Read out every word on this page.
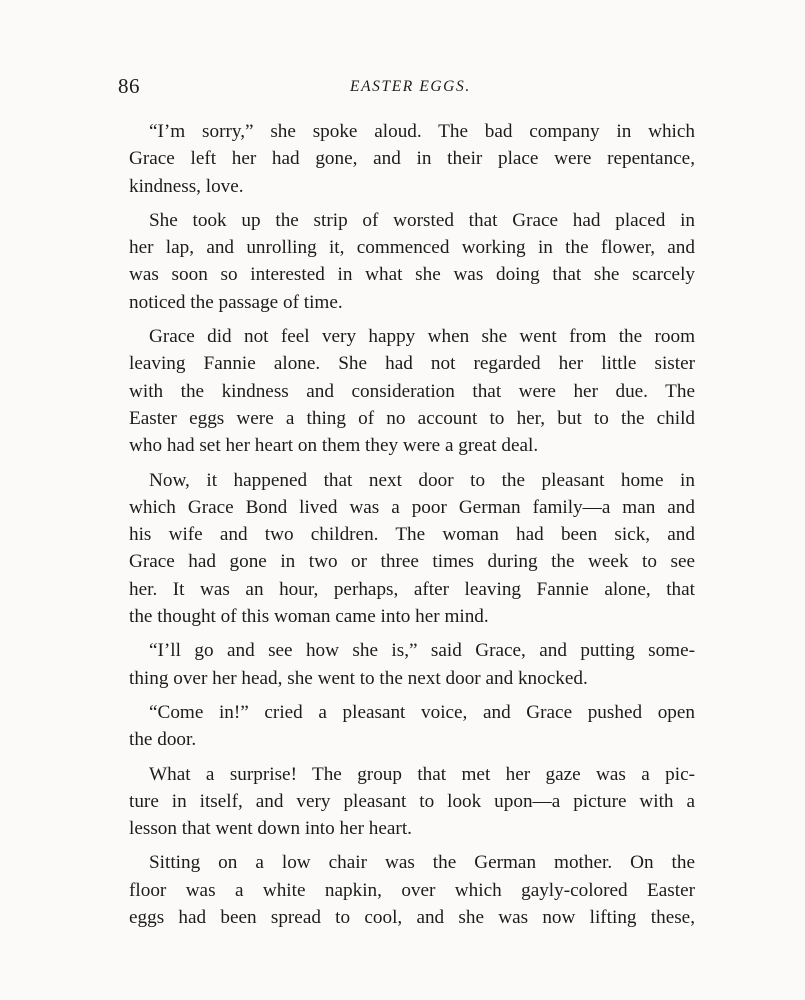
86	EASTER EGGS.

“I’m sorry,” she spoke aloud. The bad company in which
Grace left her had gone, and in their place were repentance,
kindness, love.

She took up the strip of worsted that Grace had placed in
her lap, and unrolling it, commenced working in the flower, and
was soon so interested in what she was doing that she scarcely
noticed the passage of time.

Grace did not feel very happy when she went from the room
leaving Fannie alone. She had not regarded her little sister
with the kindness and consideration that were her due. The
Easter eggs were a thing of no account to her, but to the child
who had set her heart on them they were a great deal.

Now, it happened that next door to the pleasant home in
which Grace Bond lived was a poor German family—a man and
his wife and two children. The woman had been sick, and
Grace had gone in two or three times during the week to see
her. It was an hour, perhaps, after leaving Fannie alone, that
the thought of this woman came into her mind.

“I’ll go and see how she is,” said Grace, and putting some-
thing over her head, she went to the next door and knocked.

“Come in!” cried a pleasant voice, and Grace pushed open
the door.

What a surprise! The group that met her gaze was a pic-
ture in itself, and very pleasant to look upon—a picture with a
lesson that went down into her heart.

Sitting on a low chair was the German mother. On the
floor was a white napkin, over which gayly-colored Easter
eggs had been spread to cool, and she was now lifting these,
